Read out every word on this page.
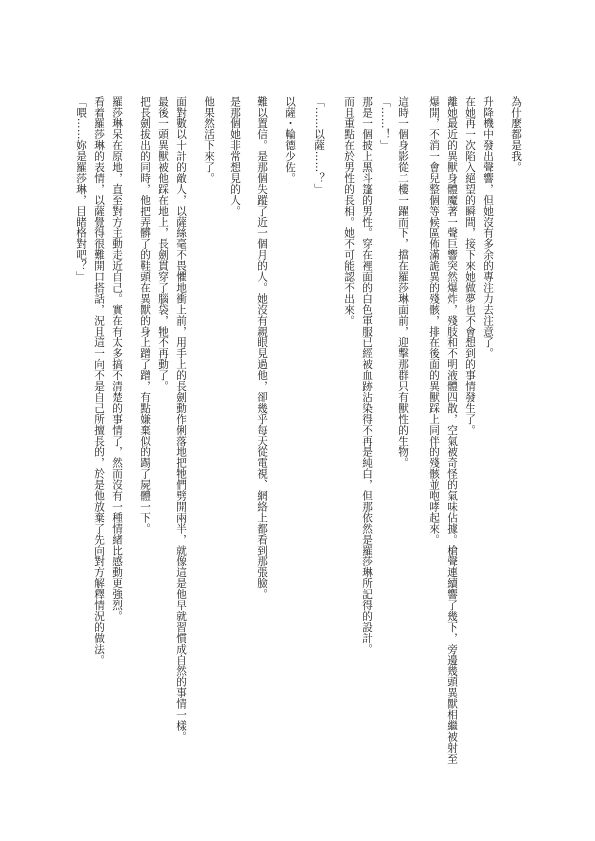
為什麼都是我。
升降機中發出聲響，但她沒有多余的專注力去注意了。
在她再一次陷入絕望的瞬間，接下來她做夢也不會想到的事情發生了。
離她最近的異獸身體魔著一聲巨響突然爆炸，殘肢和不明液體四散，空氣被奇怪的氣味佔據。槍聲連續響了幾下，旁邊幾頭異獸相繼被射至
爆開，不消一會兒整個等候區佈滿詭異的殘骸，排在後面的異獸踩上同伴的殘骸並咆哮起來。
這時一個身影從二樓一躍而下，擋在羅莎琳面前，迎擊那群只有獸性的生物。
「……！」
那是一個披上黑斗篷的男性。穿在裡面的白色軍服已經被血跡沾染得不再是純白，但那依然是羅莎琳所記得的設計。
而且重點在於男性的長相。她不可能認不出來。
「……以薩……？」
以薩・輪德少佐。
難以置信。是那個失蹤了近一個月的人。她沒有親眼見過他，卻幾乎每天從電視、網絡上都看到那張臉。
是那個她非常想見的人。
他果然活下來了。
面對數以十計的敵人，以薩絲毫不畏懼地衝上前，用手上的長劍動作俐落地把牠們劈開兩半，就像這是他早就習慣成自然的事情一樣。
最後一頭異獸被他踩在地上，長劍貫穿了腦袋，牠不再動了。
把長劍拔出的同時，他把弄髒了的鞋頭在異獸的身上蹭了蹭，有點嫌棄似的踢了屍體一下。
羅莎琳呆在原地，直至對方主動走近自己。實在有太多搞不清楚的事情了，然而沒有一種情緒比感動更強烈。
看着羅莎琳的表情，以薩覺得很難開口搭話，況且這一向不是自己所擅長的，於是他放棄了先向對方解釋情況的做法。
「喂……妳是羅莎琳，目睹格對吧？」
